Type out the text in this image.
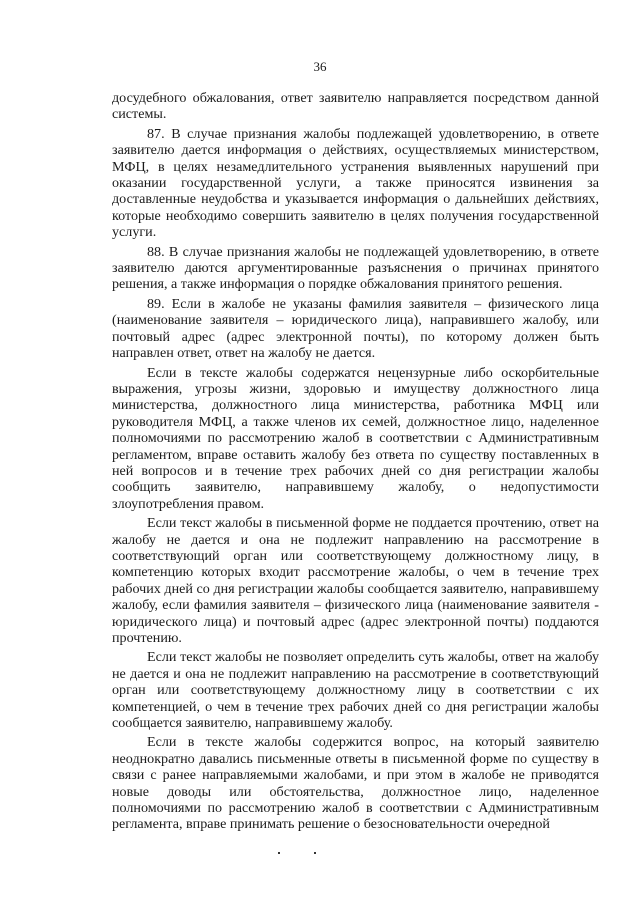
36

досудебного обжалования, ответ заявителю направляется посредством данной системы.

87. В случае признания жалобы подлежащей удовлетворению, в ответе заявителю дается информация о действиях, осуществляемых министерством, МФЦ, в целях незамедлительного устранения выявленных нарушений при оказании государственной услуги, а также приносятся извинения за доставленные неудобства и указывается информация о дальнейших действиях, которые необходимо совершить заявителю в целях получения государственной услуги.

88. В случае признания жалобы не подлежащей удовлетворению, в ответе заявителю даются аргументированные разъяснения о причинах принятого решения, а также информация о порядке обжалования принятого решения.

89. Если в жалобе не указаны фамилия заявителя – физического лица (наименование заявителя – юридического лица), направившего жалобу, или почтовый адрес (адрес электронной почты), по которому должен быть направлен ответ, ответ на жалобу не дается.

Если в тексте жалобы содержатся нецензурные либо оскорбительные выражения, угрозы жизни, здоровью и имуществу должностного лица министерства, должностного лица министерства, работника МФЦ или руководителя МФЦ, а также членов их семей, должностное лицо, наделенное полномочиями по рассмотрению жалоб в соответствии с Административным регламентом, вправе оставить жалобу без ответа по существу поставленных в ней вопросов и в течение трех рабочих дней со дня регистрации жалобы сообщить заявителю, направившему жалобу, о недопустимости злоупотребления правом.

Если текст жалобы в письменной форме не поддается прочтению, ответ на жалобу не дается и она не подлежит направлению на рассмотрение в соответствующий орган или соответствующему должностному лицу, в компетенцию которых входит рассмотрение жалобы, о чем в течение трех рабочих дней со дня регистрации жалобы сообщается заявителю, направившему жалобу, если фамилия заявителя – физического лица (наименование заявителя - юридического лица) и почтовый адрес (адрес электронной почты) поддаются прочтению.

Если текст жалобы не позволяет определить суть жалобы, ответ на жалобу не дается и она не подлежит направлению на рассмотрение в соответствующий орган или соответствующему должностному лицу в соответствии с их компетенцией, о чем в течение трех рабочих дней со дня регистрации жалобы сообщается заявителю, направившему жалобу.

Если в тексте жалобы содержится вопрос, на который заявителю неоднократно давались письменные ответы в письменной форме по существу в связи с ранее направляемыми жалобами, и при этом в жалобе не приводятся новые доводы или обстоятельства, должностное лицо, наделенное полномочиями по рассмотрению жалоб в соответствии с Административным регламента, вправе принимать решение о безосновательности очередной
